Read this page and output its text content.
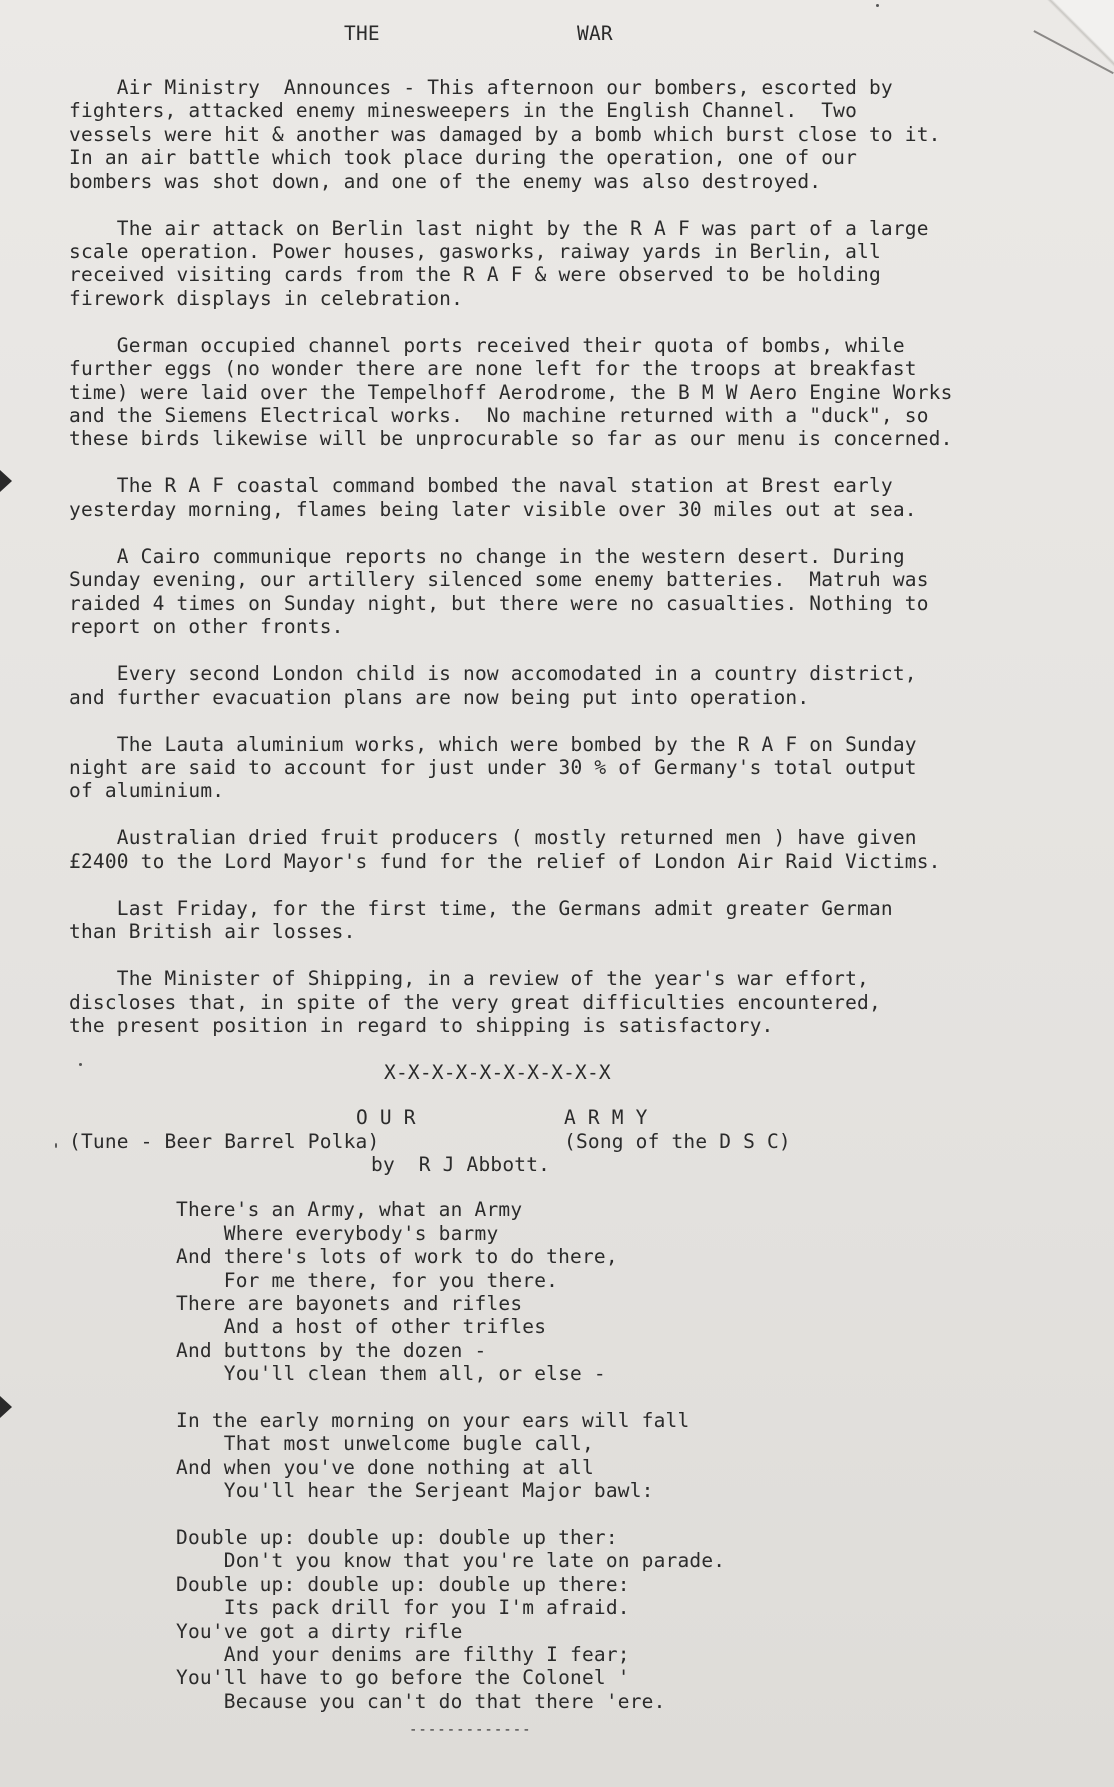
THE	WAR

Air Ministry  Announces - This afternoon our bombers, escorted by
fighters, attacked enemy minesweepers in the English Channel.  Two
vessels were hit & another was damaged by a bomb which burst close to it.
In an air battle which took place during the operation, one of our
bombers was shot down, and one of the enemy was also destroyed.

The air attack on Berlin last night by the R A F was part of a large
scale operation. Power houses, gasworks, raiway yards in Berlin, all
received visiting cards from the R A F & were observed to be holding
firework displays in celebration.

German occupied channel ports received their quota of bombs, while
further eggs (no wonder there are none left for the troops at breakfast
time) were laid over the Tempelhoff Aerodrome, the B M W Aero Engine Works
and the Siemens Electrical works.  No machine returned with a "duck", so
these birds likewise will be unprocurable so far as our menu is concerned.

The R A F coastal command bombed the naval station at Brest early
yesterday morning, flames being later visible over 30 miles out at sea.

A Cairo communique reports no change in the western desert. During
Sunday evening, our artillery silenced some enemy batteries.  Matruh was
raided 4 times on Sunday night, but there were no casualties. Nothing to
report on other fronts.

Every second London child is now accomodated in a country district,
and further evacuation plans are now being put into operation.

The Lauta aluminium works, which were bombed by the R A F on Sunday
night are said to account for just under 30 % of Germany's total output
of aluminium.

Australian dried fruit producers ( mostly returned men ) have given
£2400 to the Lord Mayor's fund for the relief of London Air Raid Victims.

Last Friday, for the first time, the Germans admit greater German
than British air losses.

The Minister of Shipping, in a review of the year's war effort,
discloses that, in spite of the very great difficulties encountered,
the present position in regard to shipping is satisfactory.

X-X-X-X-X-X-X-X-X-X
O U R	A R M Y
(Tune - Beer Barrel Polka)	(Song of the D S C)
by  R J Abbott.
There's an Army, what an Army
Where everybody's barmy
And there's lots of work to do there,
For me there, for you there.
There are bayonets and rifles
And a host of other trifles
And buttons by the dozen -
You'll clean them all, or else -
In the early morning on your ears will fall
That most unwelcome bugle call,
And when you've done nothing at all
You'll hear the Serjeant Major bawl:
Double up: double up: double up ther:
Don't you know that you're late on parade.
Double up: double up: double up there:
Its pack drill for you I'm afraid.
You've got a dirty rifle
And your denims are filthy I fear;
You'll have to go before the Colonel '
Because you can't do that there 'ere.
-------------
